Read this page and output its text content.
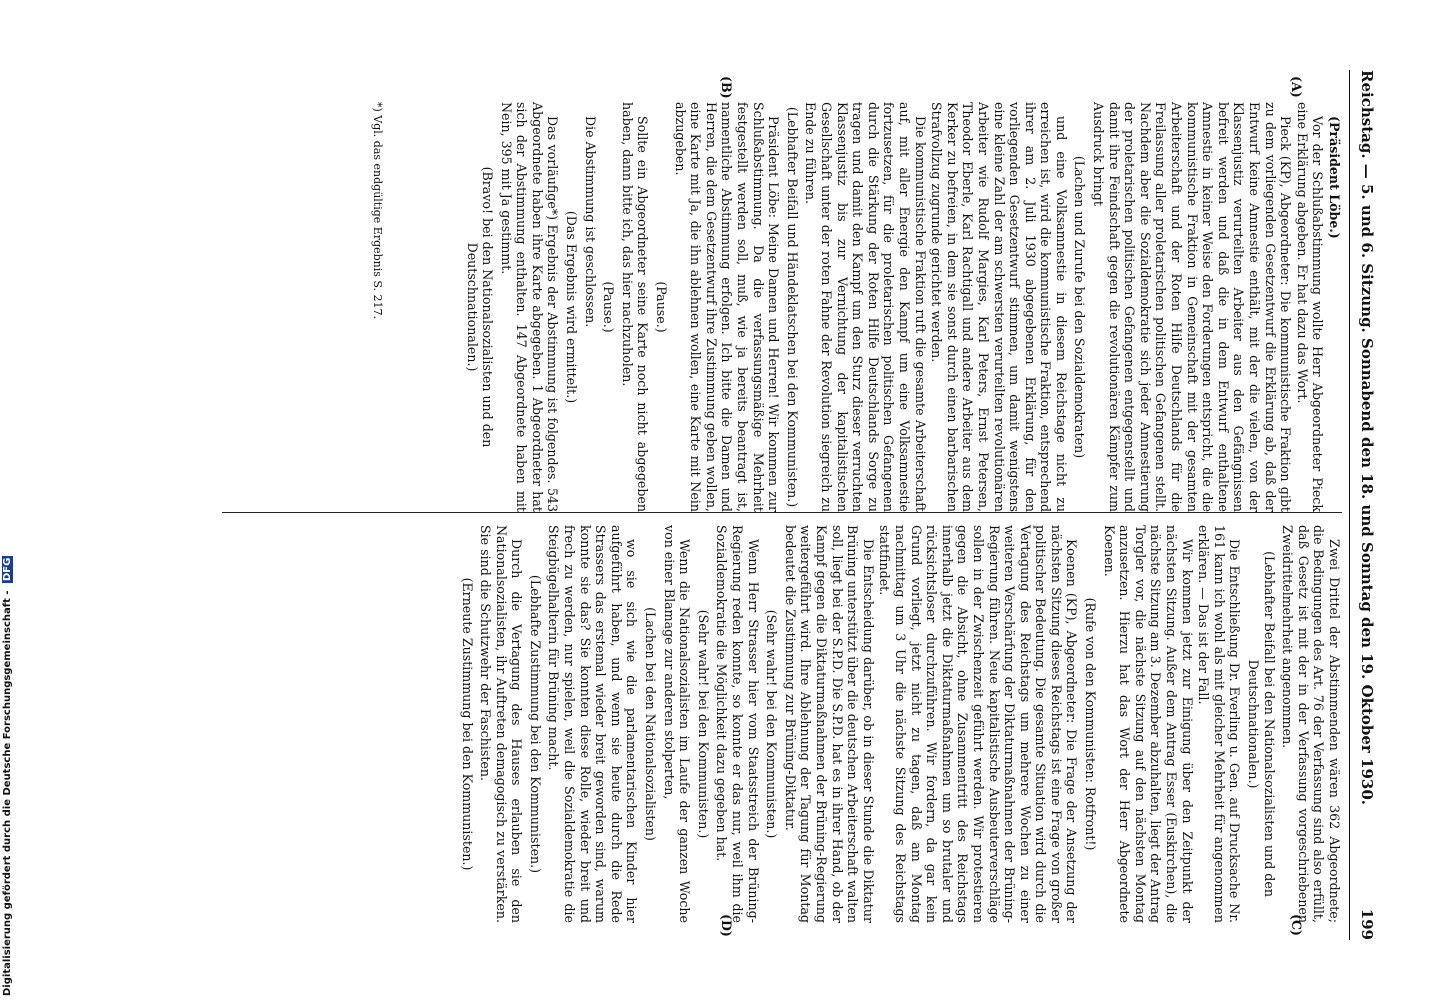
Reichstag. — 5. und 6. Sitzung. Sonnabend den 18. und Sonntag den 19. Oktober 1930.
199
(A)
(B)
(C)
(D)

(Präsident Löbe.)

Vor der Schlußabstimmung wollte Herr Abgeordneter Pieck eine Erklärung abgeben. Er hat dazu das Wort.

Pieck (KP), Abgeordneter: Die kommunistische Fraktion gibt zu dem vorliegenden Gesetzentwurf die Erklärung ab, daß der Entwurf keine Amnestie enthält, mit der die vielen, von der Klassenjustiz verurteilten Arbeiter aus den Gefängnissen befreit werden und daß die in dem Entwurf enthaltene Amnestie in keiner Weise den Forderungen entspricht, die die kommunistische Fraktion in Gemeinschaft mit der gesamten Arbeiterschaft und der Roten Hilfe Deutschlands für die Freilassung aller proletarischen politischen Gefangenen stellt. Nachdem aber die Sozialdemokratie sich jeder Amnestierung der proletarischen politischen Gefangenen entgegenstellt und damit ihre Feindschaft gegen die revolutionären Kämpfer zum Ausdruck bringt

(Lachen und Zurufe bei den Sozialdemokraten)

und eine Volksamnestie in diesem Reichstage nicht zu erreichen ist, wird die kommunistische Fraktion, entsprechend ihrer am 2. Juli 1930 abgegebenen Erklärung, für den vorliegenden Gesetzentwurf stimmen, um damit wenigstens eine kleine Zahl der am schwersten verurteilten revolutionären Arbeiter wie Rudolf Margies, Karl Peters, Ernst Petersen, Theodor Eberle, Karl Rachtigall und andere Arbeiter aus dem Kerker zu befreien, in dem sie sonst durch einen barbarischen Strafvollzug zugrunde gerichtet werden.

Die kommunistische Fraktion ruft die gesamte Arbeiterschaft auf, mit aller Energie den Kampf um eine Volksamnestie fortzusetzen, für die proletarischen politischen Gefangenen durch die Stärkung der Roten Hilfe Deutschlands Sorge zu tragen und damit den Kampf um den Sturz dieser verruchten Klassenjustiz bis zur Vernichtung der kapitalistischen Gesellschaft unter der roten Fahne der Revolution siegreich zu Ende zu führen.

(Lebhafter Beifall und Händeklatschen bei den Kommunisten.)

Präsident Löbe: Meine Damen und Herren! Wir kommen zur Schlußabstimmung. Da die verfassungsmäßige Mehrheit festgestellt werden soll, muß, wie ja bereits beantragt ist, namentliche Abstimmung erfolgen. Ich bitte die Damen und Herren, die dem Gesetzentwurf ihre Zustimmung geben wollen, eine Karte mit Ja, die ihn ablehnen wollen, eine Karte mit Nein abzugeben.

(Pause.)

Sollte ein Abgeordneter seine Karte noch nicht abgegeben haben, dann bitte ich, das hier nachzuholen.

(Pause.)

Die Abstimmung ist geschlossen.

(Das Ergebnis wird ermittelt.)

Das vorläufige*) Ergebnis der Abstimmung ist folgendes. 543 Abgeordnete haben ihre Karte abgegeben. 1 Abgeordneter hat sich der Abstimmung enthalten. 147 Abgeordnete haben mit Nein, 395 mit Ja gestimmt.

(Bravo! bei den Nationalsozialisten und den Deutschnationalen.)

Zwei Drittel der Abstimmenden wären 362 Abgeordnete; die Bedingungen des Art. 76 der Verfassung sind also erfüllt, daß Gesetz ist mit der in der Verfassung vorgeschriebenen Zweidrittelmehrheit angenommen.

(Lebhafter Beifall bei den Nationalsozialisten und den Deutschnationalen.)

Die Entschließung Dr. Everling u. Gen. auf Drucksache Nr. 161 kann ich wohl als mit gleicher Mehrheit für angenommen erklären. — Das ist der Fall.

Wir kommen jetzt zur Einigung über den Zeitpunkt der nächsten Sitzung. Außer dem Antrag Esser (Euskirchen), die nächste Sitzung am 3. Dezember abzuhalten, liegt der Antrag Torgler vor, die nächste Sitzung auf den nächsten Montag anzusetzen. Hierzu hat das Wort der Herr Abgeordnete Koenen.

(Rufe von den Kommunisten: Rotfront!)

Koenen (KP), Abgeordneter: Die Frage der Ansetzung der nächsten Sitzung dieses Reichstags ist eine Frage von großer politischer Bedeutung. Die gesamte Situation wird durch die Vertagung des Reichstags um mehrere Wochen zu einer weiteren Verschärfung der Diktaturmaßnahmen der Brüning-Regierung führen. Neue kapitalistische Ausbeuterverschläge sollen in der Zwischenzeit geführt werden. Wir protestieren gegen die Absicht, ohne Zusammentritt des Reichstags innerhalb jetzt die Diktaturmaßnahmen um so brutaler und rücksichtsloser durchzuführen. Wir fordern, da gar kein Grund vorliegt, jetzt nicht zu tagen, daß am Montag nachmittag um 3 Uhr die nächste Sitzung des Reichstags stattfindet.

Die Entscheidung darüber, ob in dieser Stunde die Diktatur Brüning unterstützt über die deutschen Arbeiterschaft walten soll, liegt bei der S.P.D. Die S.P.D. hat es in ihrer Hand, ob der Kampf gegen die Diktaturmaßnahmen der Brüning-Regierung weitergeführt wird. Ihre Ablehnung der Tagung für Montag bedeutet die Zustimmung zur Brüning-Diktatur.

(Sehr wahr! bei den Kommunisten.)

Wenn Herr Strasser hier vom Staatsstreich der Brüning-Regierung reden konnte, so konnte er das nur, weil ihm die Sozialdemokratie die Möglichkeit dazu gegeben hat.

(Sehr wahr! bei den Kommunisten.)

Wenn die Nationalsozialisten im Laufe der ganzen Woche von einer Blamage zur anderen stolperten,

(Lachen bei den Nationalsozialisten)

wo sie sich wie die parlamentarischen Kinder hier aufgeführt haben, und wenn sie heute durch die Rede Strassers das erstemal wieder breit geworden sind, warum konnte sie das? Sie konnten diese Rolle, wieder breit und frech zu werden, nur spielen, weil die Sozialdemokratie die Steigbügelhalterin für Brüning macht.

(Lebhafte Zustimmung bei den Kommunisten.)

Durch die Vertagung des Hauses erlauben sie den Nationalsozialisten, ihr Auftreten demagogisch zu verstärken. Sie sind die Schutzwehr der Faschisten.

(Erneute Zustimmung bei den Kommunisten.)

*) Vgl. das endgültige Ergebnis S. 217.
Digitalisierung gefördert durch die Deutsche Forschungsgemeinschaft - DFG
